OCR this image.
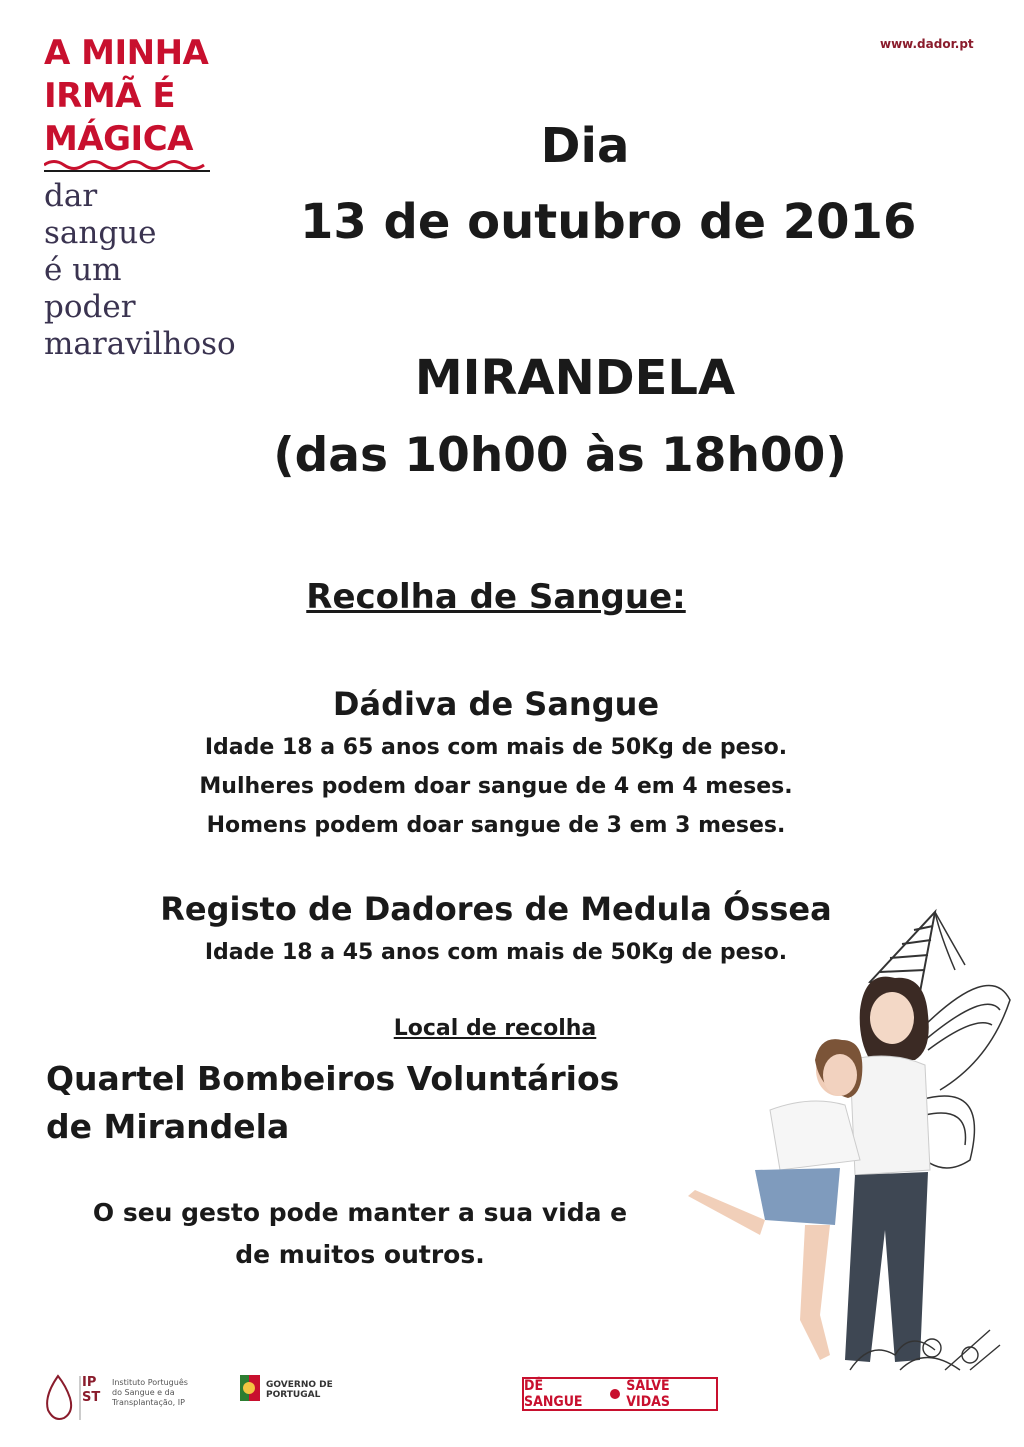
A MINHA
IRMÃ É
MÁGICA
dar
sangue
é um
poder
maravilhoso
www.dador.pt
Dia
13 de outubro de 2016
MIRANDELA
(das 10h00 às 18h00)
Recolha de Sangue:
Dádiva de Sangue
Idade 18 a 65 anos com mais de 50Kg de peso.
Mulheres podem doar sangue de 4 em 4 meses.
Homens podem doar sangue de 3 em 3 meses.
Registo de Dadores de Medula Óssea
Idade 18 a 45 anos com mais de 50Kg de peso.
Local de recolha
Quartel Bombeiros Voluntários
de Mirandela
O seu gesto pode manter a sua vida e
de muitos outros.
IP ST
Instituto Português
do Sangue e da
Transplantação, IP
GOVERNO DE
PORTUGAL
DÊ SANGUE
SALVE VIDAS
